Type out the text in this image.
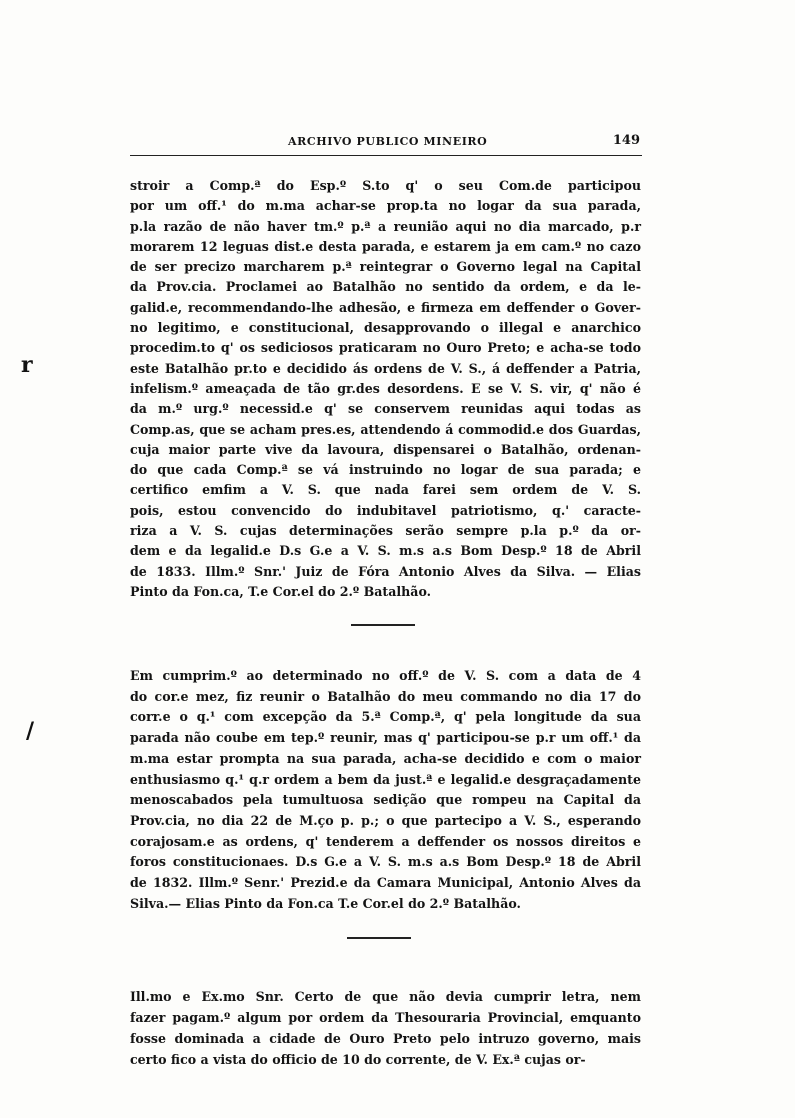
ARCHIVO PUBLICO MINEIRO	149
r
/

stroir a Comp.ª do Esp.º S.to q' o seu Com.de participou
por um off.¹ do m.ma achar-se prop.ta no logar da sua parada,
p.la razão de não haver tm.º p.ª a reunião aqui no dia marcado, p.r
morarem 12 leguas dist.e desta parada, e estarem ja em cam.º no cazo
de ser precizo marcharem p.ª reintegrar o Governo legal na Capital
da Prov.cia. Proclamei ao Batalhão no sentido da ordem, e da le-
galid.e, recommendando-lhe adhesão, e firmeza em deffender o Gover-
no legitimo, e constitucional, desapprovando o illegal e anarchico
procedim.to q' os sediciosos praticaram no Ouro Preto; e acha-se todo
este Batalhão pr.to e decidido ás ordens de V. S., á deffender a Patria,
infelism.º ameaçada de tão gr.des desordens. E se V. S. vir, q' não é
da m.º urg.º necessid.e q' se conservem reunidas aqui todas as
Comp.as, que se acham pres.es, attendendo á commodid.e dos Guardas,
cuja maior parte vive da lavoura, dispensarei o Batalhão, ordenan-
do que cada Comp.ª se vá instruindo no logar de sua parada; e
certifico emfim a V. S. que nada farei sem ordem de V. S.
pois, estou convencido do indubitavel patriotismo, q.' caracte-
riza a V. S. cujas determinações serão sempre p.la p.º da or-
dem e da legalid.e D.s G.e a V. S. m.s a.s Bom Desp.º 18 de Abril
de 1833. Illm.º Snr.' Juiz de Fóra Antonio Alves da Silva. — Elias
Pinto da Fon.ca, T.e Cor.el do 2.º Batalhão.

Em cumprim.º ao determinado no off.º de V. S. com a data de 4
do cor.e mez, fiz reunir o Batalhão do meu commando no dia 17 do
corr.e o q.¹ com excepção da 5.ª Comp.ª, q' pela longitude da sua
parada não coube em tep.º reunir, mas q' participou-se p.r um off.¹ da
m.ma estar prompta na sua parada, acha-se decidido e com o maior
enthusiasmo q.¹ q.r ordem a bem da just.ª e legalid.e desgraçadamente
menoscabados pela tumultuosa sedição que rompeu na Capital da
Prov.cia, no dia 22 de M.ço p. p.; o que partecipo a V. S., esperando
corajosam.e as ordens, q' tenderem a deffender os nossos direitos e
foros constitucionaes. D.s G.e a V. S. m.s a.s Bom Desp.º 18 de Abril
de 1832. Illm.º Senr.' Prezid.e da Camara Municipal, Antonio Alves da
Silva.— Elias Pinto da Fon.ca T.e Cor.el do 2.º Batalhão.

Ill.mo e Ex.mo Snr. Certo de que não devia cumprir letra, nem
fazer pagam.º algum por ordem da Thesouraria Provincial, emquanto
fosse dominada a cidade de Ouro Preto pelo intruzo governo, mais
certo fico a vista do officio de 10 do corrente, de V. Ex.ª cujas or-
